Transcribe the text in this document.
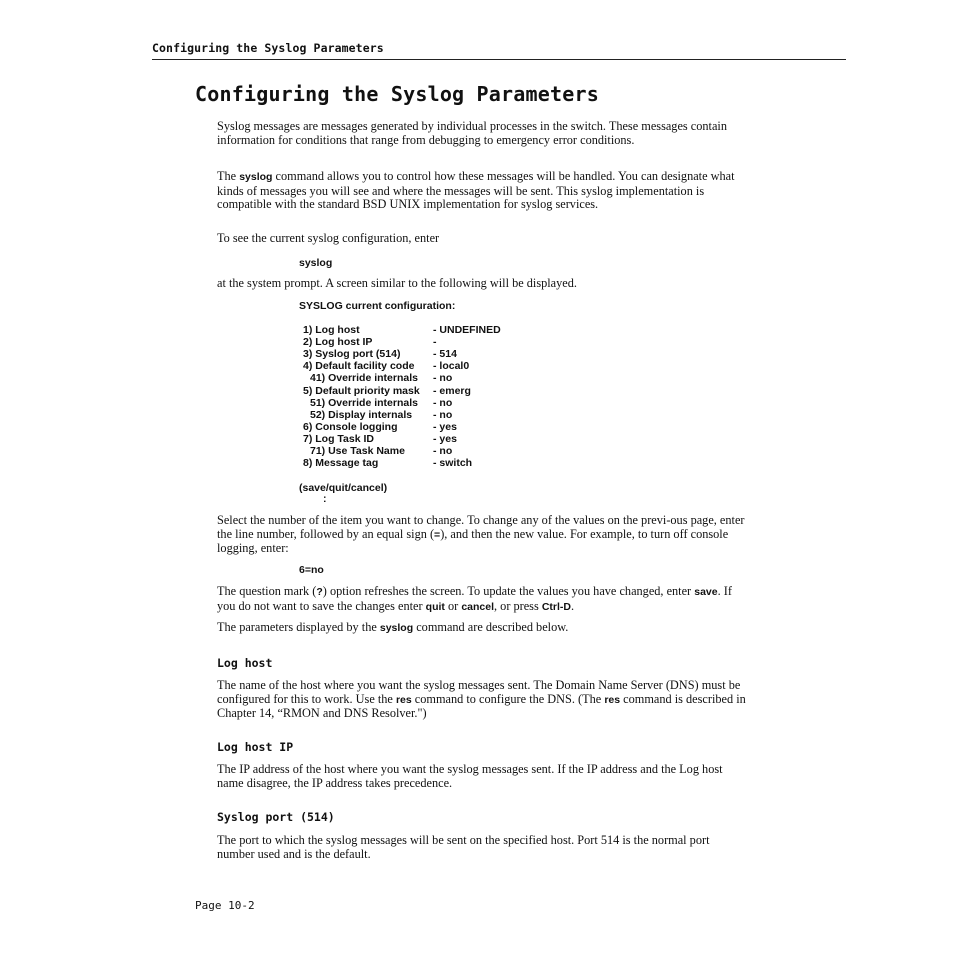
Configuring the Syslog Parameters
Configuring the Syslog Parameters

Syslog messages are messages generated by individual processes in the switch. These messages contain information for conditions that range from debugging to emergency error conditions.

The syslog command allows you to control how these messages will be handled. You can designate what kinds of messages you will see and where the messages will be sent. This syslog implementation is compatible with the standard BSD UNIX implementation for syslog services.

To see the current syslog configuration, enter

syslog

at the system prompt. A screen similar to the following will be displayed.

SYSLOG current configuration:
1) Log host	- UNDEFINED
2) Log host IP	-
3) Syslog port (514)	- 514
4) Default facility code - local0
41) Override internals - no
5) Default priority mask - emerg
51) Override internals - no
52) Display internals - no
6) Console logging	- yes
7) Log Task ID	- yes
71) Use Task Name	- no
8) Message tag	- switch
(save/quit/cancel)
:

Select the number of the item you want to change. To change any of the values on the previ-ous page, enter the line number, followed by an equal sign (=), and then the new value. For example, to turn off console logging, enter:

6=no

The question mark (?) option refreshes the screen. To update the values you have changed, enter save. If you do not want to save the changes enter quit or cancel, or press Ctrl-D.

The parameters displayed by the syslog command are described below.

Log host

The name of the host where you want the syslog messages sent. The Domain Name Server (DNS) must be configured for this to work. Use the res command to configure the DNS. (The res command is described in Chapter 14, “RMON and DNS Resolver.")

Log host IP

The IP address of the host where you want the syslog messages sent. If the IP address and the Log host name disagree, the IP address takes precedence.

Syslog port (514)

The port to which the syslog messages will be sent on the specified host. Port 514 is the normal port number used and is the default.

Page 10-2
